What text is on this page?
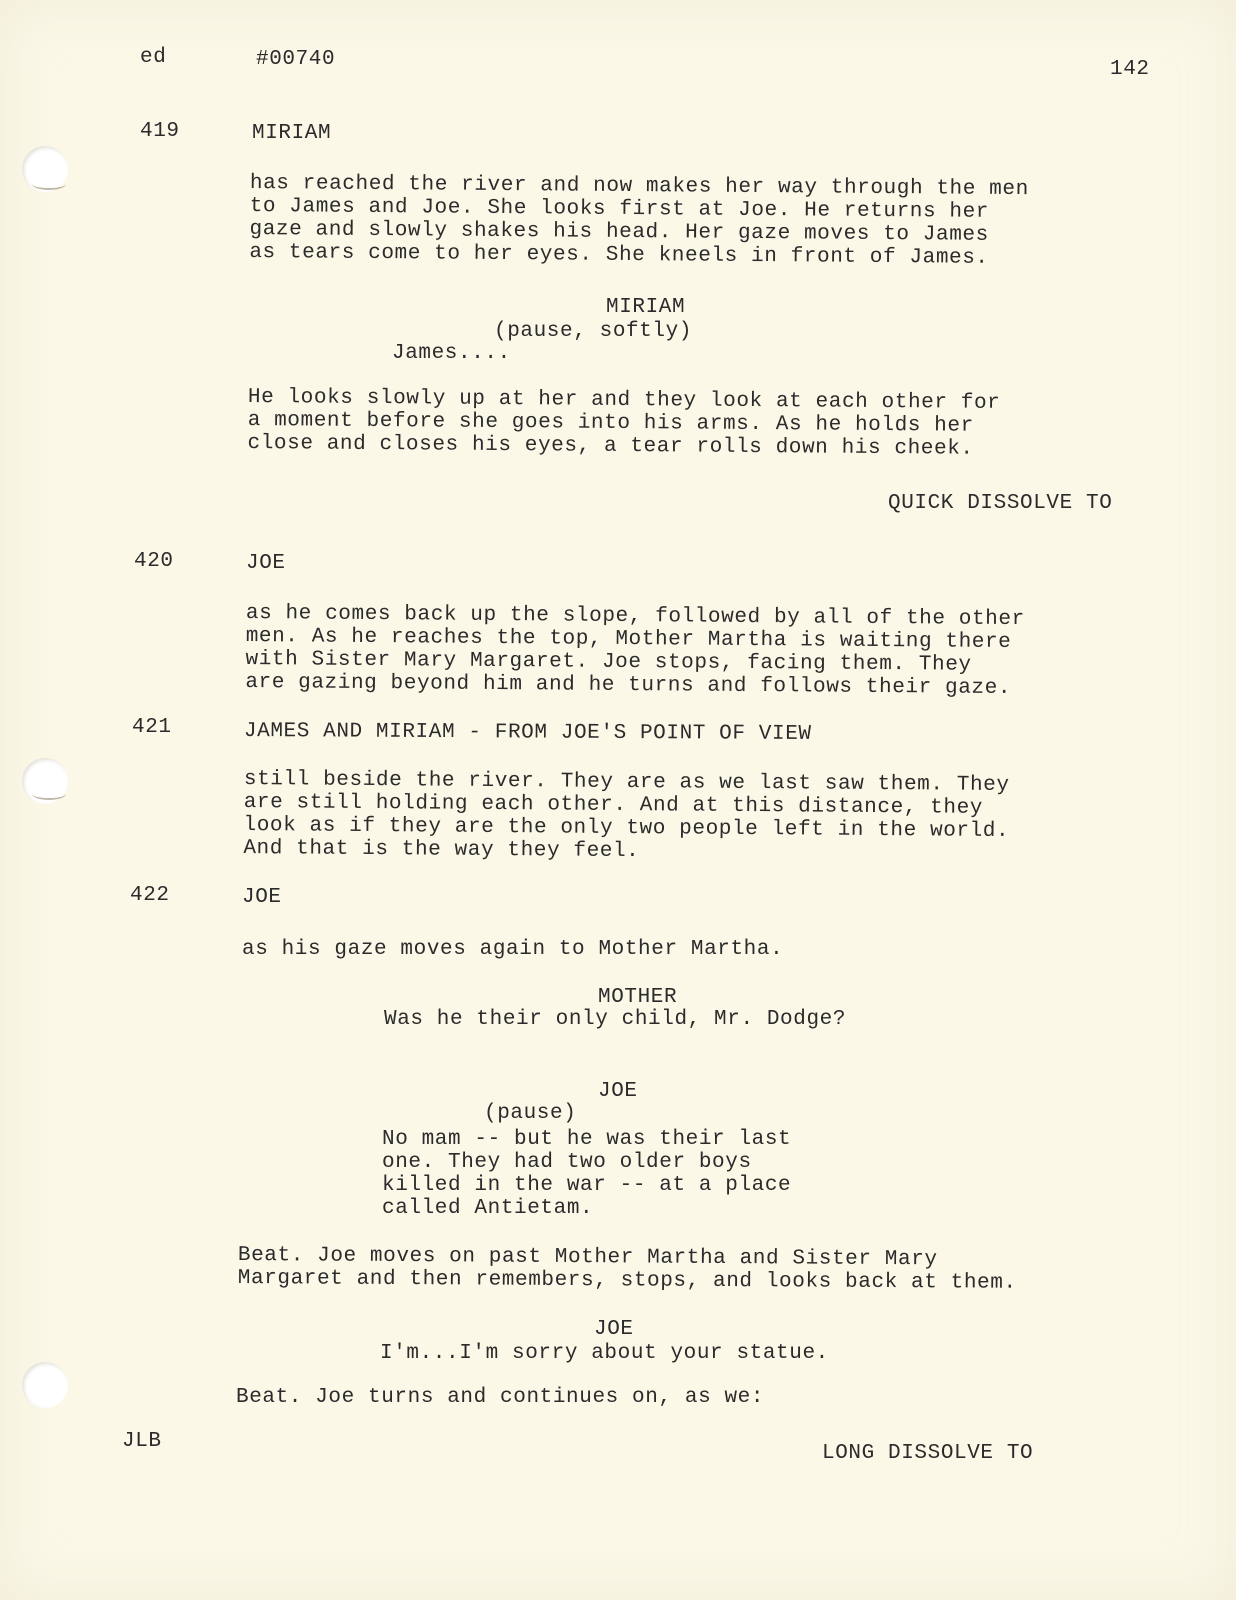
ed	#00740	142

419	MIRIAM

has reached the river and now makes her way through the men
to James and Joe. She looks first at Joe. He returns her
gaze and slowly shakes his head. Her gaze moves to James
as tears come to her eyes. She kneels in front of James.

MIRIAM

(pause, softly)

James....

He looks slowly up at her and they look at each other for
a moment before she goes into his arms. As he holds her
close and closes his eyes, a tear rolls down his cheek.

QUICK DISSOLVE TO

420	JOE

as he comes back up the slope, followed by all of the other
men. As he reaches the top, Mother Martha is waiting there
with Sister Mary Margaret. Joe stops, facing them. They
are gazing beyond him and he turns and follows their gaze.

421	JAMES AND MIRIAM - FROM JOE'S POINT OF VIEW

still beside the river. They are as we last saw them. They
are still holding each other. And at this distance, they
look as if they are the only two people left in the world.
And that is the way they feel.

422	JOE

as his gaze moves again to Mother Martha.

MOTHER

Was he their only child, Mr. Dodge?

JOE

(pause)

No mam -- but he was their last
one. They had two older boys
killed in the war -- at a place
called Antietam.
Beat. Joe moves on past Mother Martha and Sister Mary
Margaret and then remembers, stops, and looks back at them.

JOE

I'm...I'm sorry about your statue.

Beat. Joe turns and continues on, as we:

JLB

LONG DISSOLVE TO
